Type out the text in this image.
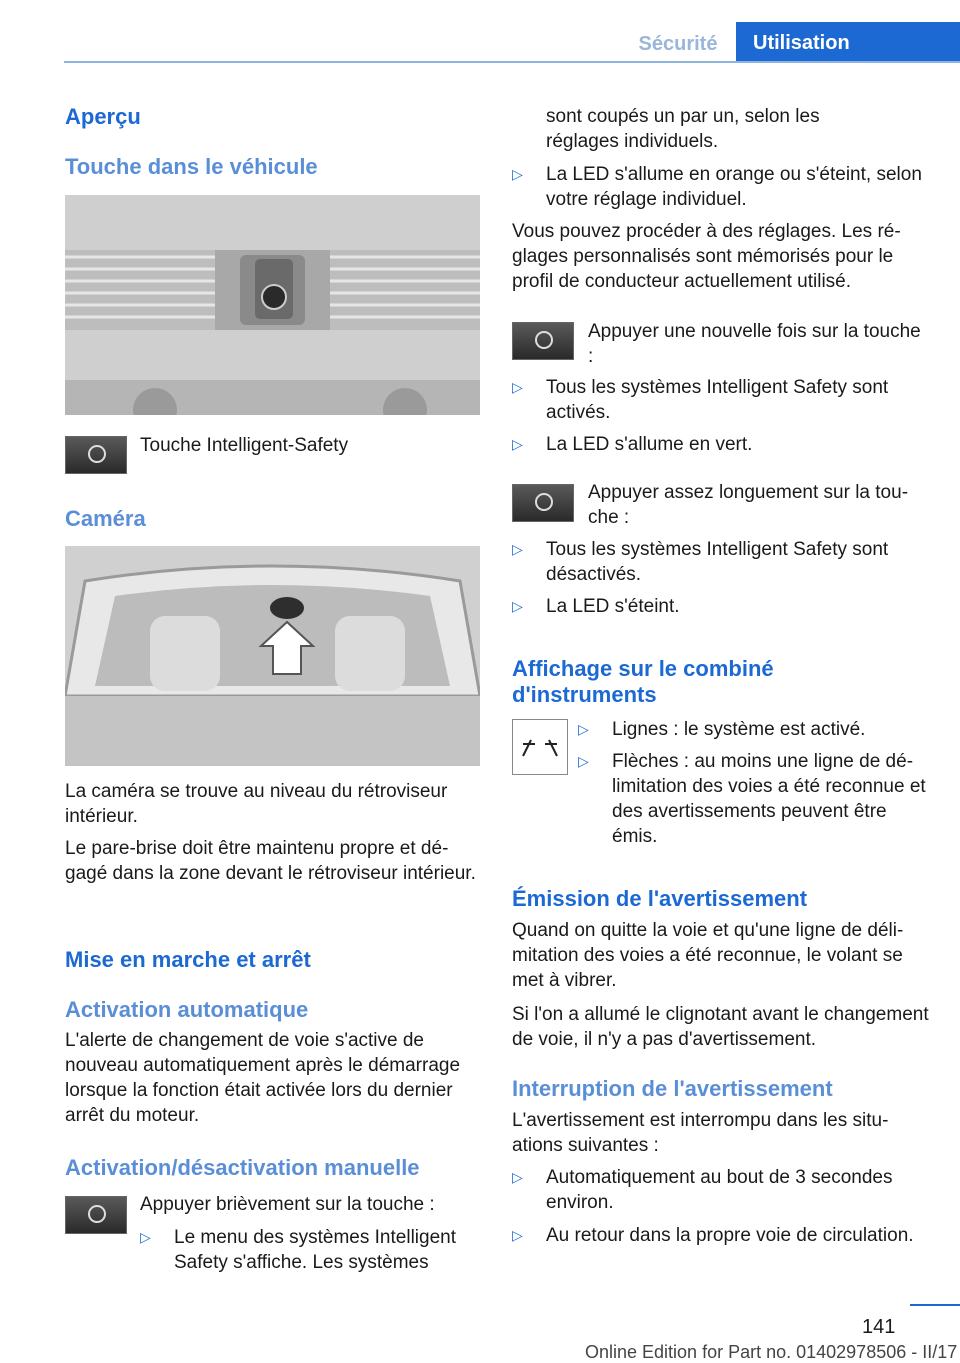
Sécurité	Utilisation
Aperçu
Touche dans le véhicule
Touche Intelligent-Safety
Caméra
La caméra se trouve au niveau du rétroviseur intérieur.
Le pare-brise doit être maintenu propre et dégagé dans la zone devant le rétroviseur intérieur.
Mise en marche et arrêt
Activation automatique
L'alerte de changement de voie s'active de nouveau automatiquement après le démarrage lorsque la fonction était activée lors du dernier arrêt du moteur.
Activation/désactivation manuelle
Appuyer brièvement sur la touche :
▷ Le menu des systèmes Intelligent Safety s'affiche. Les systèmes
sont coupés un par un, selon les réglages individuels.
▷ La LED s'allume en orange ou s'éteint, selon votre réglage individuel.
Vous pouvez procéder à des réglages. Les réglages personnalisés sont mémorisés pour le profil de conducteur actuellement utilisé.
Appuyer une nouvelle fois sur la touche :
▷ Tous les systèmes Intelligent Safety sont activés.
▷ La LED s'allume en vert.
Appuyer assez longuement sur la touche :
▷ Tous les systèmes Intelligent Safety sont désactivés.
▷ La LED s'éteint.
Affichage sur le combiné d'instruments
▷ Lignes : le système est activé.
▷ Flèches : au moins une ligne de délimitation des voies a été reconnue et des avertissements peuvent être émis.
Émission de l'avertissement
Quand on quitte la voie et qu'une ligne de délimitation des voies a été reconnue, le volant se met à vibrer.
Si l'on a allumé le clignotant avant le changement de voie, il n'y a pas d'avertissement.
Interruption de l'avertissement
L'avertissement est interrompu dans les situations suivantes :
▷ Automatiquement au bout de 3 secondes environ.
▷ Au retour dans la propre voie de circulation.
141
Online Edition for Part no. 01402978506 - II/17
